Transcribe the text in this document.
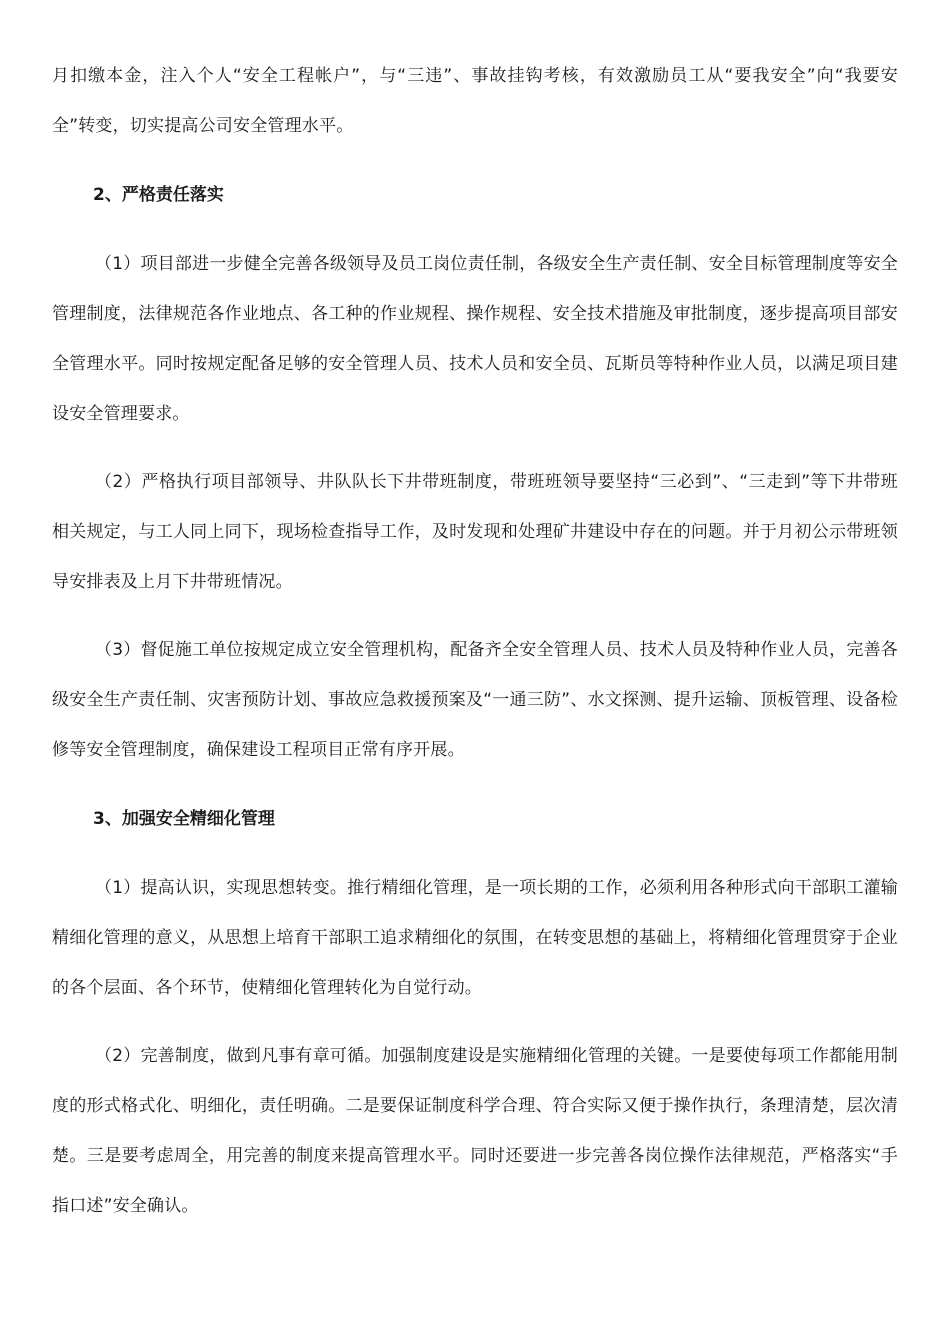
月扣缴本金，注入个人“安全工程帐户”，与“三违”、事故挂钩考核，有效激励员工从“要我安全”向“我要安全”转变，切实提高公司安全管理水平。

2、严格责任落实

（1）项目部进一步健全完善各级领导及员工岗位责任制，各级安全生产责任制、安全目标管理制度等安全管理制度，法律规范各作业地点、各工种的作业规程、操作规程、安全技术措施及审批制度，逐步提高项目部安全管理水平。同时按规定配备足够的安全管理人员、技术人员和安全员、瓦斯员等特种作业人员，以满足项目建设安全管理要求。

（2）严格执行项目部领导、井队队长下井带班制度，带班班领导要坚持“三必到”、“三走到”等下井带班相关规定，与工人同上同下，现场检查指导工作，及时发现和处理矿井建设中存在的问题。并于月初公示带班领导安排表及上月下井带班情况。

（3）督促施工单位按规定成立安全管理机构，配备齐全安全管理人员、技术人员及特种作业人员，完善各级安全生产责任制、灾害预防计划、事故应急救援预案及“一通三防”、水文探测、提升运输、顶板管理、设备检修等安全管理制度，确保建设工程项目正常有序开展。

3、加强安全精细化管理

（1）提高认识，实现思想转变。推行精细化管理，是一项长期的工作，必须利用各种形式向干部职工灌输精细化管理的意义，从思想上培育干部职工追求精细化的氛围，在转变思想的基础上，将精细化管理贯穿于企业的各个层面、各个环节，使精细化管理转化为自觉行动。

（2）完善制度，做到凡事有章可循。加强制度建设是实施精细化管理的关键。一是要使每项工作都能用制度的形式格式化、明细化，责任明确。二是要保证制度科学合理、符合实际又便于操作执行，条理清楚，层次清楚。三是要考虑周全，用完善的制度来提高管理水平。同时还要进一步完善各岗位操作法律规范，严格落实“手指口述”安全确认。
